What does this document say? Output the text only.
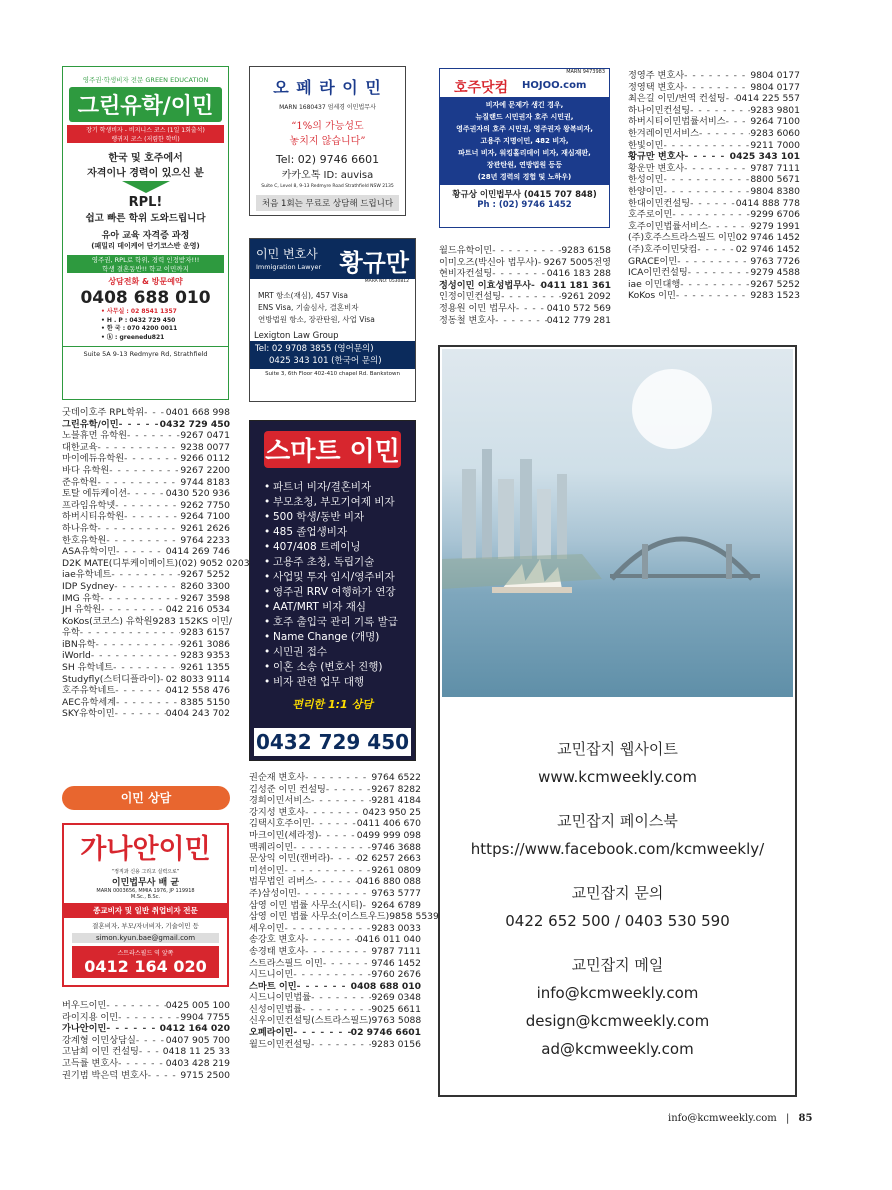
영주권·학생비자 전문 GREEN EDUCATION
그린유학/이민
장기 학생비자 - 비지니스 코스 (1일 1회출석)
랭귀지 코스 (저렴한 학비)
한국 및 호주에서
자격이나 경력이 있으신 분
RPL!
쉽고 빠른 학위 도와드립니다
유아 교육 자격증 과정
(패밀리 데이케어 단기코스반 운영)
영주권, RPL로 학위, 경력 인정받자!!!
학생 결혼동반!! 학교 이민까지
상담전화 & 방문예약
0408 688 010
• 사무실 : 02 8541 1357
• H . P : 0432 729 450
• 한 국 : 070 4200 0011
• ⓚ : greenedu821
Suite 5A 9-13 Redmyre Rd, Strathfield
오 페 라 이 민
MARN 1680437 엄세경 이민법무사
“1%의 가능성도
놓치지 않습니다”
Tel: 02) 9746 6601
카카오톡 ID: auvisa
Suite C, Level 8, 9-13 Redmyre Road Strathfield NSW 2135
처음 1회는 무료로 상담해 드립니다
이민 변호사
Immigration Lawyer 황규만
MARA NO: 0530812
MRT 항소(재심), 457 Visa
ENS Visa, 기술심사, 결혼비자
연방법원 항소, 장관탄원, 사업 Visa
Lexigton Law Group
Tel: 02 9708 3855 (영어문의)
0425 343 101 (한국어 문의)
Suite 3, 6th Floor 402-410 chapel Rd. Bankstown
MARN 9473983
호주닷컴 HOJOO.com
비자에 문제가 생긴 경우,
뉴질랜드 시민권자 호주 시민권,
영주권자의 호주 시민권, 영주권자 왕복비자,
고용주 지명이민, 482 비자,
파트너 비자, 워킹홀리데이 비자, 재심재판,
장관탄원, 연방법원 등등
(28년 경력의 경험 및 노하우)
황규상 이민법무사 (0415 707 848)
Ph : (02) 9746 1452
스마트 이민
• 파트너 비자/결혼비자
• 부모초청, 부모기여제 비자
• 500 학생/동반 비자
• 485 졸업생비자
• 407/408 트레이닝
• 고용주 초청, 독립기술
• 사업및 투자 임시/영주비자
• 영주권 RRV 여행하가 연장
• AAT/MRT 비자 재심
• 호주 출입국 관리 기록 발급
• Name Change (개명)
• 시민권 접수
• 이혼 소송 (변호사 진행)
• 비자 관련 업무 대행
편리한 1:1 상담
0432 729 450
이민 상담
가나안이민
“정직과 신용 그리고 실력으로”
이민법무사 배 균
MARN 0003656, MMIA 1976, JP 119918
M.Sc., B.Sc.
종교비자 및 일반 취업비자 전문
결혼비자, 부모/자녀비자, 기술이민 등
simon.kyun.bae@gmail.com
스트라스필드 역 앞쪽
0412 164 020
굿데이호주 RPL학위 - - - 0401 668 998
그린유학/이민 - - -	0432 729 450
노블휴먼 유학원 - - -	9267 0471
대한교육 - - -	9238 0077
마이에듀유학원 - - -	9266 0112
바다 유학원 - - -	9267 2200
준유학원 - - -	9744 8183
토탈 에듀케이션 - - -	0430 520 936
프라임유학넷 - - -	9262 7750
하버시티유학원 - - -	9264 7100
하나유학 - - -	9261 2626
한호유학원 - - -	9764 2233
ASA유학이민 - - -	0414 269 746
D2K MATE(디투케이메이트) (02) 9052 0203
iae유학네트 - - -	9267 5252
IDP Sydney - - -	8260 3300
IMG 유학 - - -	9267 3598
JH 유학원 - - -	042 216 0534
KoKos(코코스) 유학원9283 152KS 이민/
유학 - - -	9283 6157
iBN유학 - - -	9261 3086
iWorld - - -	9283 9353
SH 유학네트 - - -	9261 1355
Studyfly(스터디플라이) - - - 02 8033 9114
호주유학네트 - - -	0412 558 476
AEC유학세계 - - -	8385 5150
SKY유학이민 - - -	0404 243 702
버우드이민 - - -	0425 005 100
라이지용 이민 - - -	9904 7755
가나안이민 - - -	0412 164 020
강계형 이민상담실 - - -	0407 905 700
고남희 이민 컨설팅 - - -	0418 11 25 33
고득률 변호사 - - -	0403 428 219
권기범 박은덕 변호사 - - -	9715 2500
권순재 변호사 - - -	9764 6522
김성준 이민 컨설팅 - - -	9267 8282
경희이민서비스 - - -	9281 4184
강지성 변호사 - - -	0423 950 25
김택시호주이민 - - -	0411 406 670
마크이민(세라정) - - -	0499 999 098
맥퀘리이민 - - -	9746 3688
문상익 이민(캔버라) - - -	02 6257 2663
미션이민 - - -	9261 0809
법무법인 리버스 - - -	0416 880 088
주)삼성이민 - - -	9763 5777
삼영 이민 법률 사무소(시티) - - - 9264 6789
삼영 이민 법률 사무소(이스트우드) 9858 5539
세우이민 - - -	9283 0033
송강호 변호사 - - -	0416 011 040
송경태 변호사 - - -	9787 7111
스트라스필드 이민 - - -	9746 1452
시드니이민 - - -	9760 2676
스마트 이민 - - -	0408 688 010
시드니이민법률 - - -	9269 0348
신성이민법률 - - -	9025 6611
신우이민컨설팅(스트라스필드) 9763 5088
오페라이민 - - -	02 9746 6601
월드이민컨설팅 - - -	9283 0156
월드유학이민 - - -	9283 6158
이미오즈(박신아 법무사) - - - 9267 5005전영
현비자컨설팅 - - -	0416 183 288
정성이민 이효성법무사 - - - 0411 181 361
인정이민컨설팅 - - -	9261 2092
정용원 이민 법무사 - - -	0410 572 569
정동철 변호사 - - -	0412 779 281
정영주 변호사 - - -	9804 0177
정영택 변호사 - - -	9804 0177
최은길 이민/번역 컨설팅 - - - 0414 225 557
하나이민컨설팅 - - -	9283 9801
하버시티이민법률서비스 - - -	9264 7100
한겨레이민서비스 - - -	9283 6060
한빛이민 - - -	9211 7000
황규만 변호사 - - -	0425 343 101
황운만 변호사 - - -	9787 7111
한성이민 - - -	8800 5671
한양이민 - - -	9804 8380
한대이민컨설팅 - - -	0414 888 778
호주로이민 - - -	9299 6706
호주이민법률서비스 - - -	9279 1991
(주)호주스트라스필드 이민 02 9746 1452
(주)호주이민닷컴 - - -	02 9746 1452
GRACE이민 - - -	9763 7726
ICA이민컨설팅 - - -	9279 4588
iae 이민대행 - - -	9267 5252
KoKos 이민 - - -	9283 1523
교민잡지 웹사이트
www.kcmweekly.com
교민잡지 페이스북
https://www.facebook.com/kcmweekly/
교민잡지 문의
0422 652 500 / 0403 530 590
교민잡지 메일
info@kcmweekly.com
design@kcmweekly.com
ad@kcmweekly.com
info@kcmweekly.com | 85
